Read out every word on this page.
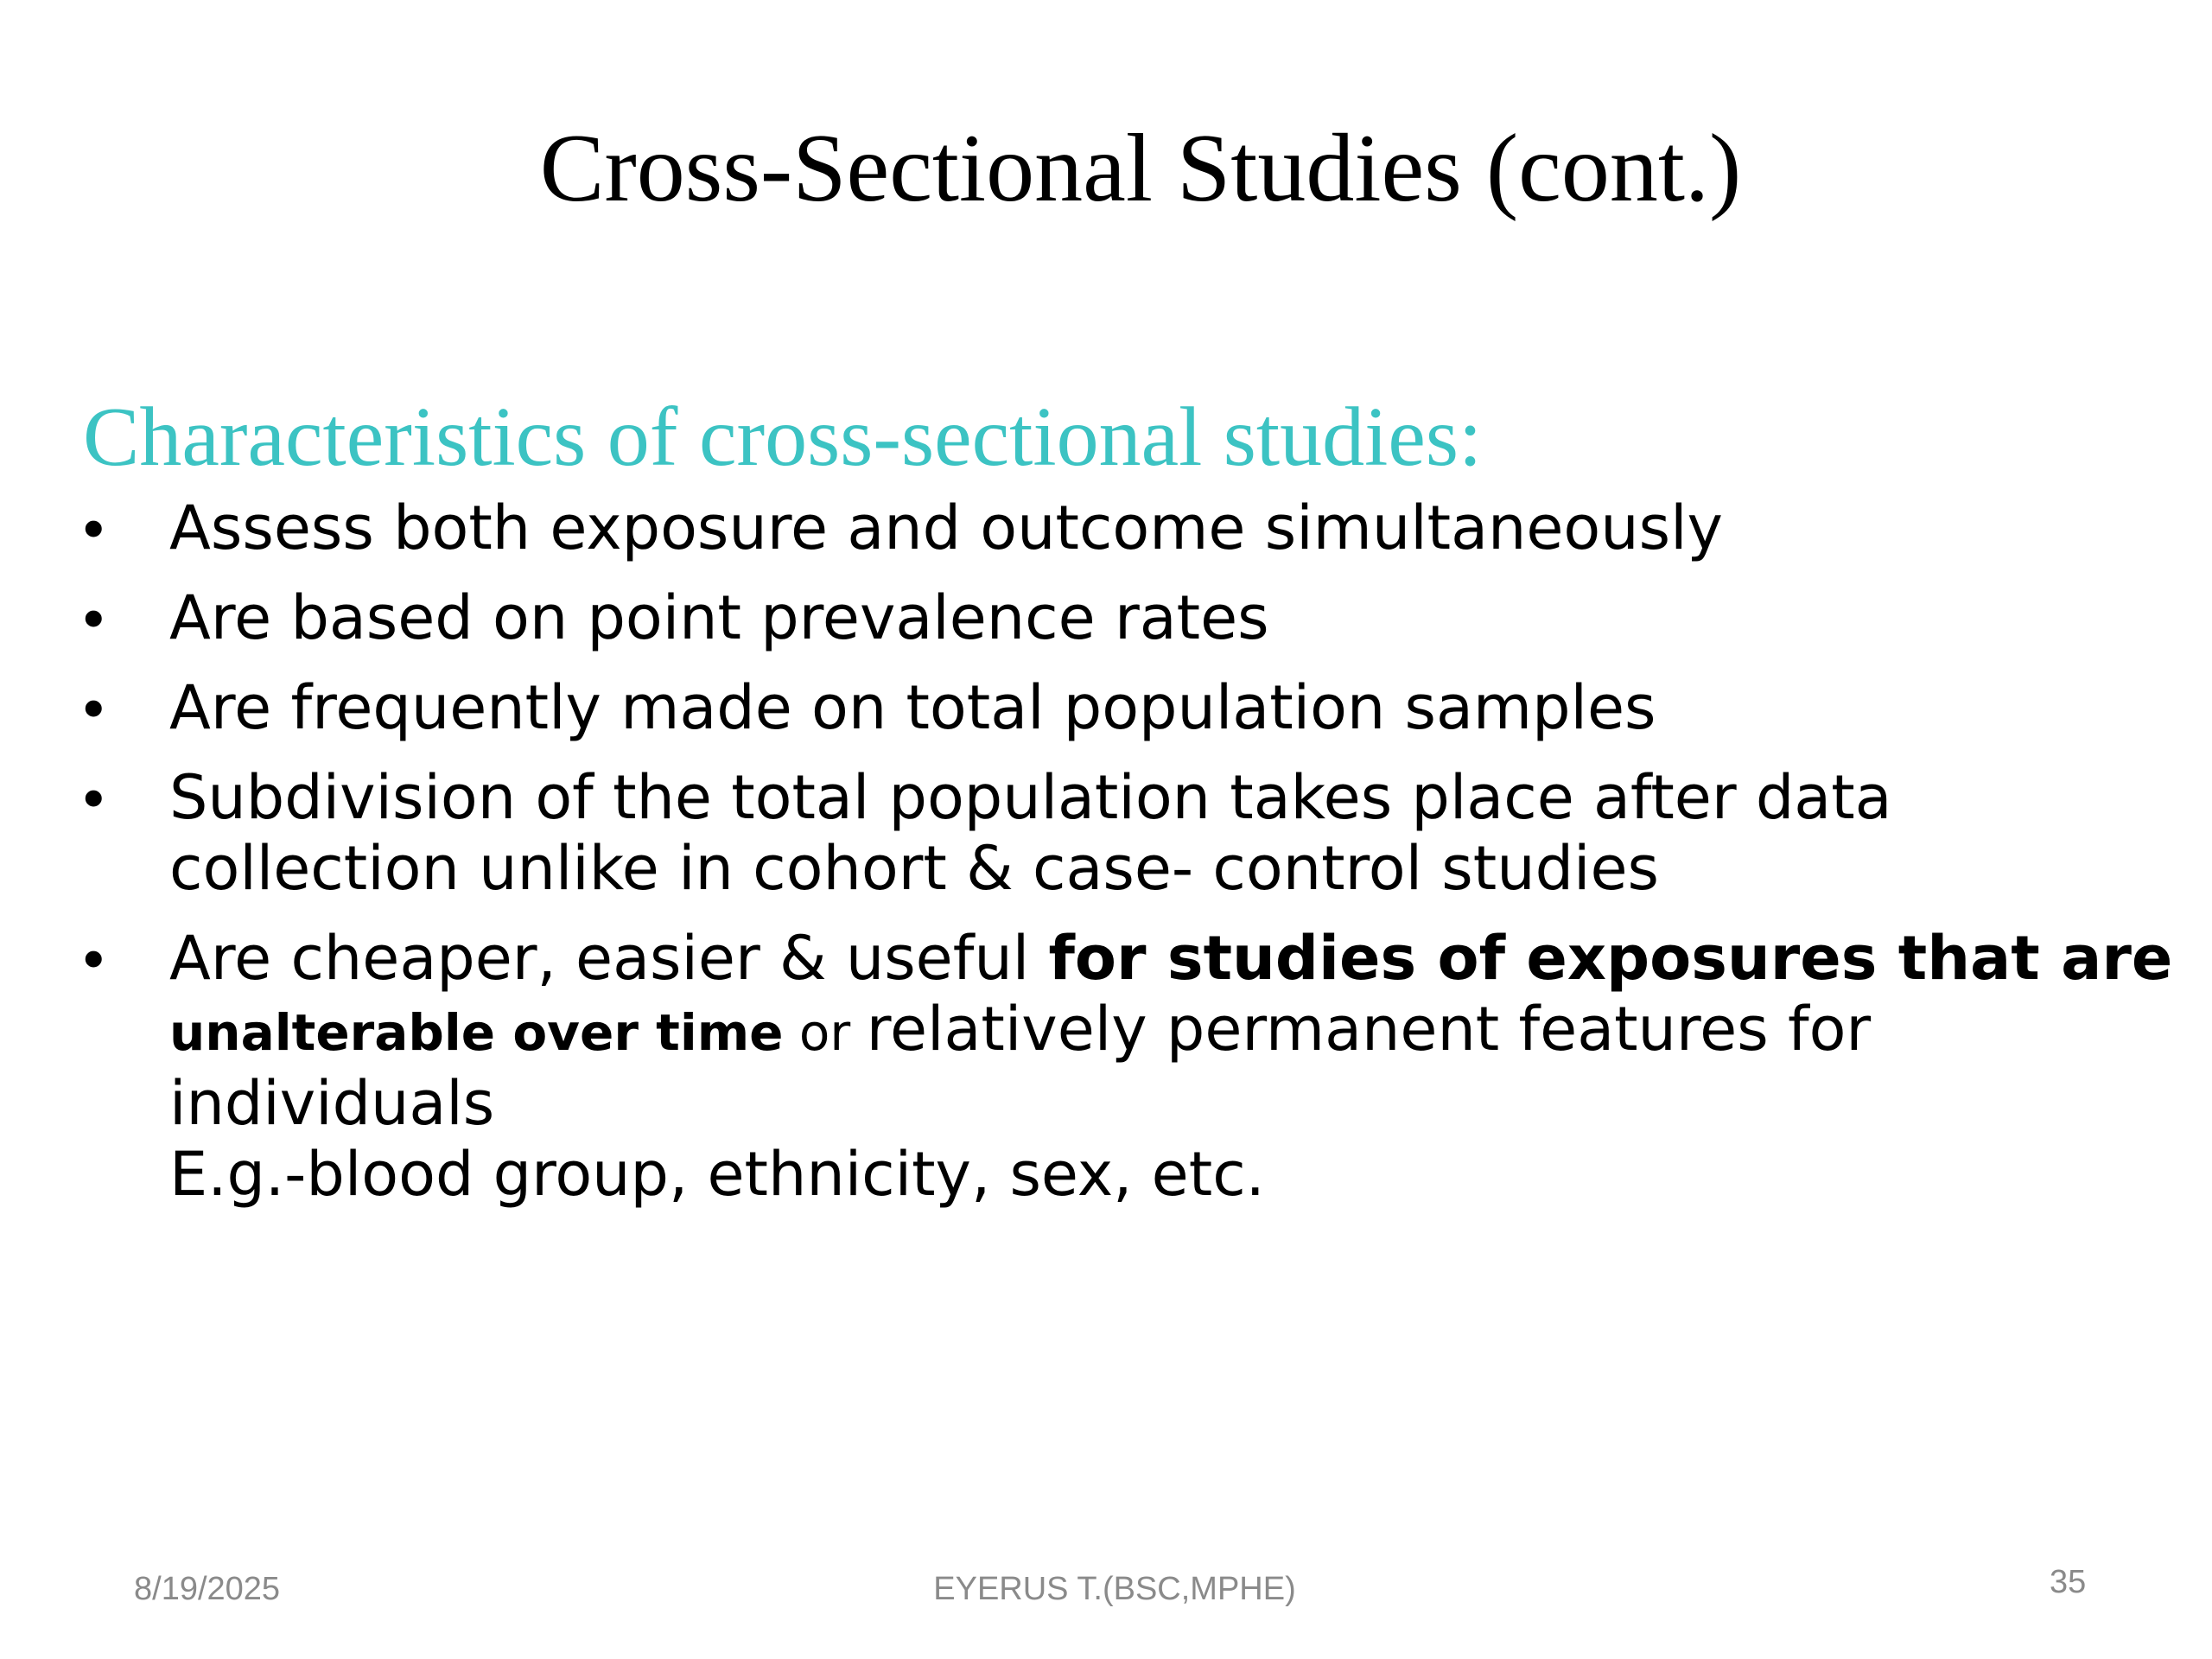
Cross-Sectional Studies (cont.)
Characteristics of cross-sectional studies:
•	Assess both exposure and outcome simultaneously
•	Are based on point prevalence rates
•	Are frequently made on total population samples
•	Subdivision of the total population takes place after data collection unlike in cohort & case- control studies
•	Are cheaper, easier & useful for studies of exposures that are
unalterable over time or relatively permanent features for individuals
E.g.-blood group, ethnicity, sex, etc.
8/19/2025	EYERUS T.(BSC,MPHE)	35
